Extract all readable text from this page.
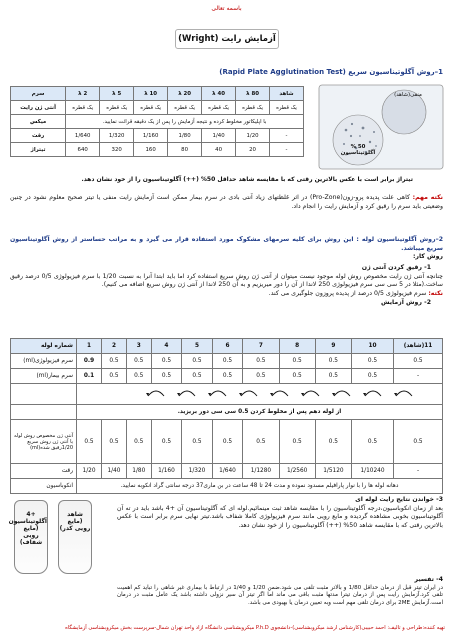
باسمه تعالی
آزمایش رایت (Wright)
1–روش آگلوتیناسیون سریع (Rapid Plate Agglutination Test)
شاهد	80 λ	40 λ	20 λ	10 λ	5 λ	2 λ	سرم
یک قطره	یک قطره	یک قطره	یک قطره	یک قطره	یک قطره	یک قطره	آنتی ژن رایت
با اپلیکاتور مخلوط کرده و نتیجه آزمایش را پس از یک دقیقه قرائت نمایید.							میکس
-	1/20	1/40	1/80	1/160	1/320	1/640	رقت
-	20	40	80	160	320	640	تیتراژ
منفی(شاهد)
50 % آگلوتیناسیون
تیتراژ برابر است با عکس بالاترین رقتی که با مقایسه شاهد حداقل 50% (++) آگلوتیناسیون را از خود نشان دهد.
نکته مهم: کاهی علت پدیده پرو-زون(Pro-Zone) در اثر غلظتهای زیاد آنتی بادی در سرم بیمار ممکن است آزمایش رایت منفی یا تیتر صحیح معلوم نشود در چنین وضعیتی باید سرم را رقیق کرد و آزمایش رایت را انجام داد.
2–روش آگلوتیناسیون لوله : این روش برای کلیه سرمهای مشکوک مورد استفاده قرار می گیرد و به مراتب حساستر از روش آگلوتیناسیون سریع میباشد.
روش کار:
1- رقیق کردن آنتی ژن
چنانچه آنتی ژن رایت مخصوص روش لوله موجود نیست میتوان از آنتی ژن روش سریع استفاده کرد اما باید ابتدا آنرا به نسبت 1/20 با سرم فیزیولوژی 0/5 درصد رقیق ساخت.(مثلا در 5 سی سی سرم فیزیولوژی 250 لاندا از آن را دور میریزیم و به آن 250 لاندا از آنتی ژن روش سریع اضافه می کنیم).
نکته: سرم فیزیولوژی 0/5 درصد از پدیده پروزون جلوگیری می کند.
2- روش آزمایش
11(شاهد)	10	9	8	7	6	5	4	3	2	1	شماره لوله
0.5	0.5	0.5	0.5	0.5	0.5	0.5	0.5	0.5	0.5	0.9	سرم فیزیولوژی(ml)
-	0.5	0.5	0.5	0.5	0.5	0.5	0.5	0.5	0.5	0.1	سرم بیمار(ml)

از لوله دهم پس از مخلوط کردن 0.5 سی سی دور بریزید.											
0.5	0.5	0.5	0.5	0.5	0.5	0.5	0.5	0.5	0.5	0.5	آنتی ژن مخصوص روش لوله یا آنتی ژن روش سریع 1/20رقیق شده(ml)
-	1/10240	1/5120	1/2560	1/1280	1/640	1/320	1/160	1/80	1/40	1/20	رقت
دهانه لوله ها را با نوار پارافیلم مسدود نموده و مدت 24 تا 48 ساعت در بن ماری37 درجه سانتی گراد انکوبه نمایید.											انکوباسیون
3- خواندن نتایج رایت لوله ای
بعد از زمان انکوباسیون،درجه آگلوتیناسیون را با مقایسه شاهد ثبت مینمائیم.لوله ای که آگلوتیناسیون آن +4 باشد باید در ته آن آگلوتیناسیون بخوبی مشاهده گردیده و مایع رویی مانند سرم فیزیولوژی کاملا شفاف باشد.تیتر نهایی سرم برابر است با عکس بالاترین رقتی که با مقایسه شاهد 50% (++) آگلوتیناسیون را از خود نشان دهد.
شاهد (مایع رویی کدر)
+4 آگلوتیناسیون (مایع رویی شفاف)
4- تفسیر
در ایران تیتر قبل از درمان حداقل 1/80 و بالاتر مثبت تلقی می شود.ضمن 1/20 و 1/40 در ارتباط با بیماری غیر شاهی را تباید کم اهمیت تلقی کرد.آزمایش رایت پس از درمان تیترا مدتها مثبت باقی می ماند اما اگر تیتر آن سیر نزولی داشته باشد یک عامل مثبت در درمان است.آزمایش 2ME برای درمان تلقی مهم است وبه تعیین درمان یا بهبودی می باشد.
تهیه کننده:طراحی و تالیف: احمد حبیبی(کارشناس ارشد میکروبشناسی)-دانشجوی P.h.D میکروبشناسی دانشگاه ازاد واحد تهران شمال-سرپرست بخش میکروبشناسی آزمایشگاه
